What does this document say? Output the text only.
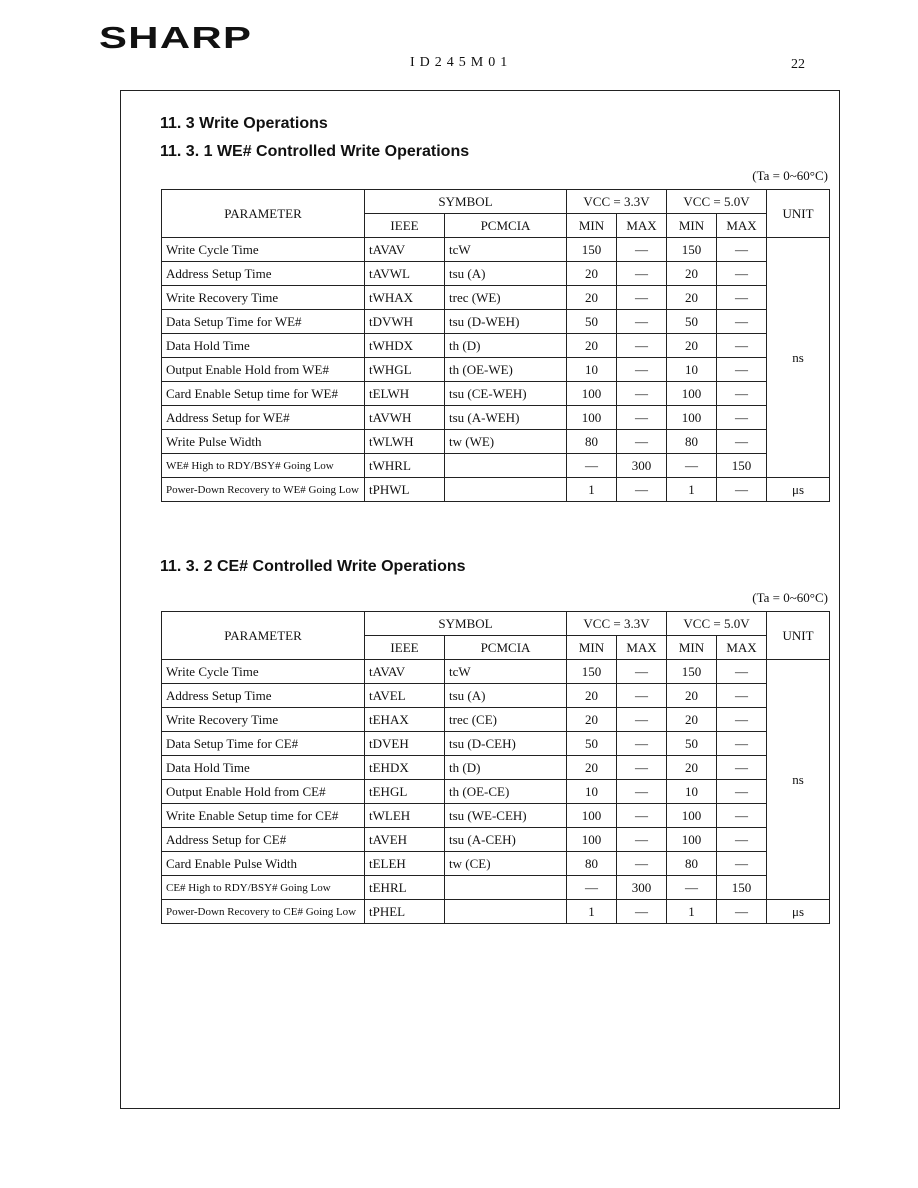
SHARP
ID245M01	22
11. 3 Write Operations
11. 3. 1 WE# Controlled Write Operations
(Ta = 0~60°C)
PARAMETER	SYMBOL		VCC = 3.3V		VCC = 5.0V		UNIT
	IEEE	PCMCIA	MIN	MAX	MIN	MAX	
Write Cycle Time	tAVAV	tcW	150	—	150	—	ns
Address Setup Time	tAVWL	tsu (A)	20	—	20	—	
Write Recovery Time	tWHAX	trec (WE)	20	—	20	—	
Data Setup Time for WE#	tDVWH	tsu (D-WEH)	50	—	50	—	
Data Hold Time	tWHDX	th (D)	20	—	20	—	
Output Enable Hold from WE#	tWHGL	th (OE-WE)	10	—	10	—	
Card Enable Setup time for WE#	tELWH	tsu (CE-WEH)	100	—	100	—	
Address Setup for WE#	tAVWH	tsu (A-WEH)	100	—	100	—	
Write Pulse Width	tWLWH	tw (WE)	80	—	80	—	
WE# High to RDY/BSY# Going Low	tWHRL		—	300	—	150	
Power-Down Recovery to WE# Going Low	tPHWL		1	—	1	—	μs
11. 3. 2 CE# Controlled Write Operations
(Ta = 0~60°C)
PARAMETER	SYMBOL		VCC = 3.3V		VCC = 5.0V		UNIT
	IEEE	PCMCIA	MIN	MAX	MIN	MAX	
Write Cycle Time	tAVAV	tcW	150	—	150	—	ns
Address Setup Time	tAVEL	tsu (A)	20	—	20	—	
Write Recovery Time	tEHAX	trec (CE)	20	—	20	—	
Data Setup Time for CE#	tDVEH	tsu (D-CEH)	50	—	50	—	
Data Hold Time	tEHDX	th (D)	20	—	20	—	
Output Enable Hold from CE#	tEHGL	th (OE-CE)	10	—	10	—	
Write Enable Setup time for CE#	tWLEH	tsu (WE-CEH)	100	—	100	—	
Address Setup for CE#	tAVEH	tsu (A-CEH)	100	—	100	—	
Card Enable Pulse Width	tELEH	tw (CE)	80	—	80	—	
CE# High to RDY/BSY# Going Low	tEHRL		—	300	—	150	
Power-Down Recovery to CE# Going Low	tPHEL		1	—	1	—	μs
